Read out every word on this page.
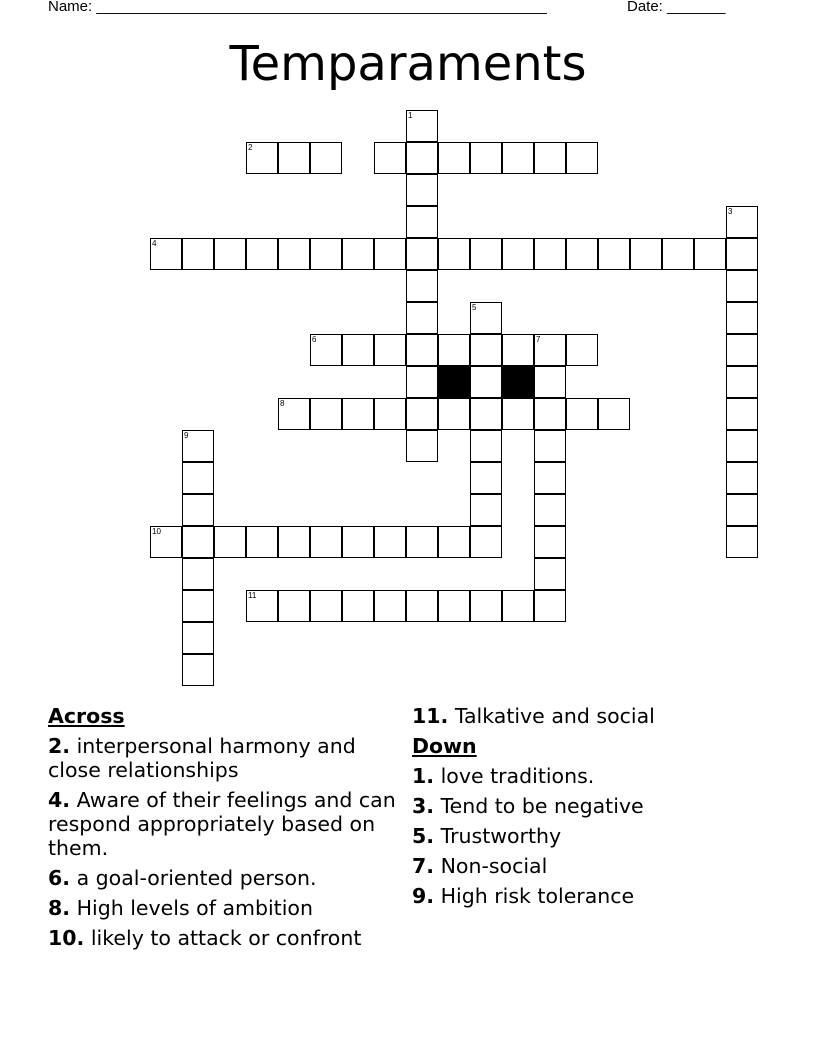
Name: ______________________________________________________	Date: _______
Temparaments
1
2
3
4
5
6	7
8
9
10
11
Across
2. interpersonal harmony and close relationships
4. Aware of their feelings and can respond appropriately based on them.
6. a goal-oriented person.
8. High levels of ambition
10. likely to attack or confront
11. Talkative and social
Down
1. love traditions.
3. Tend to be negative
5. Trustworthy
7. Non-social
9. High risk tolerance
